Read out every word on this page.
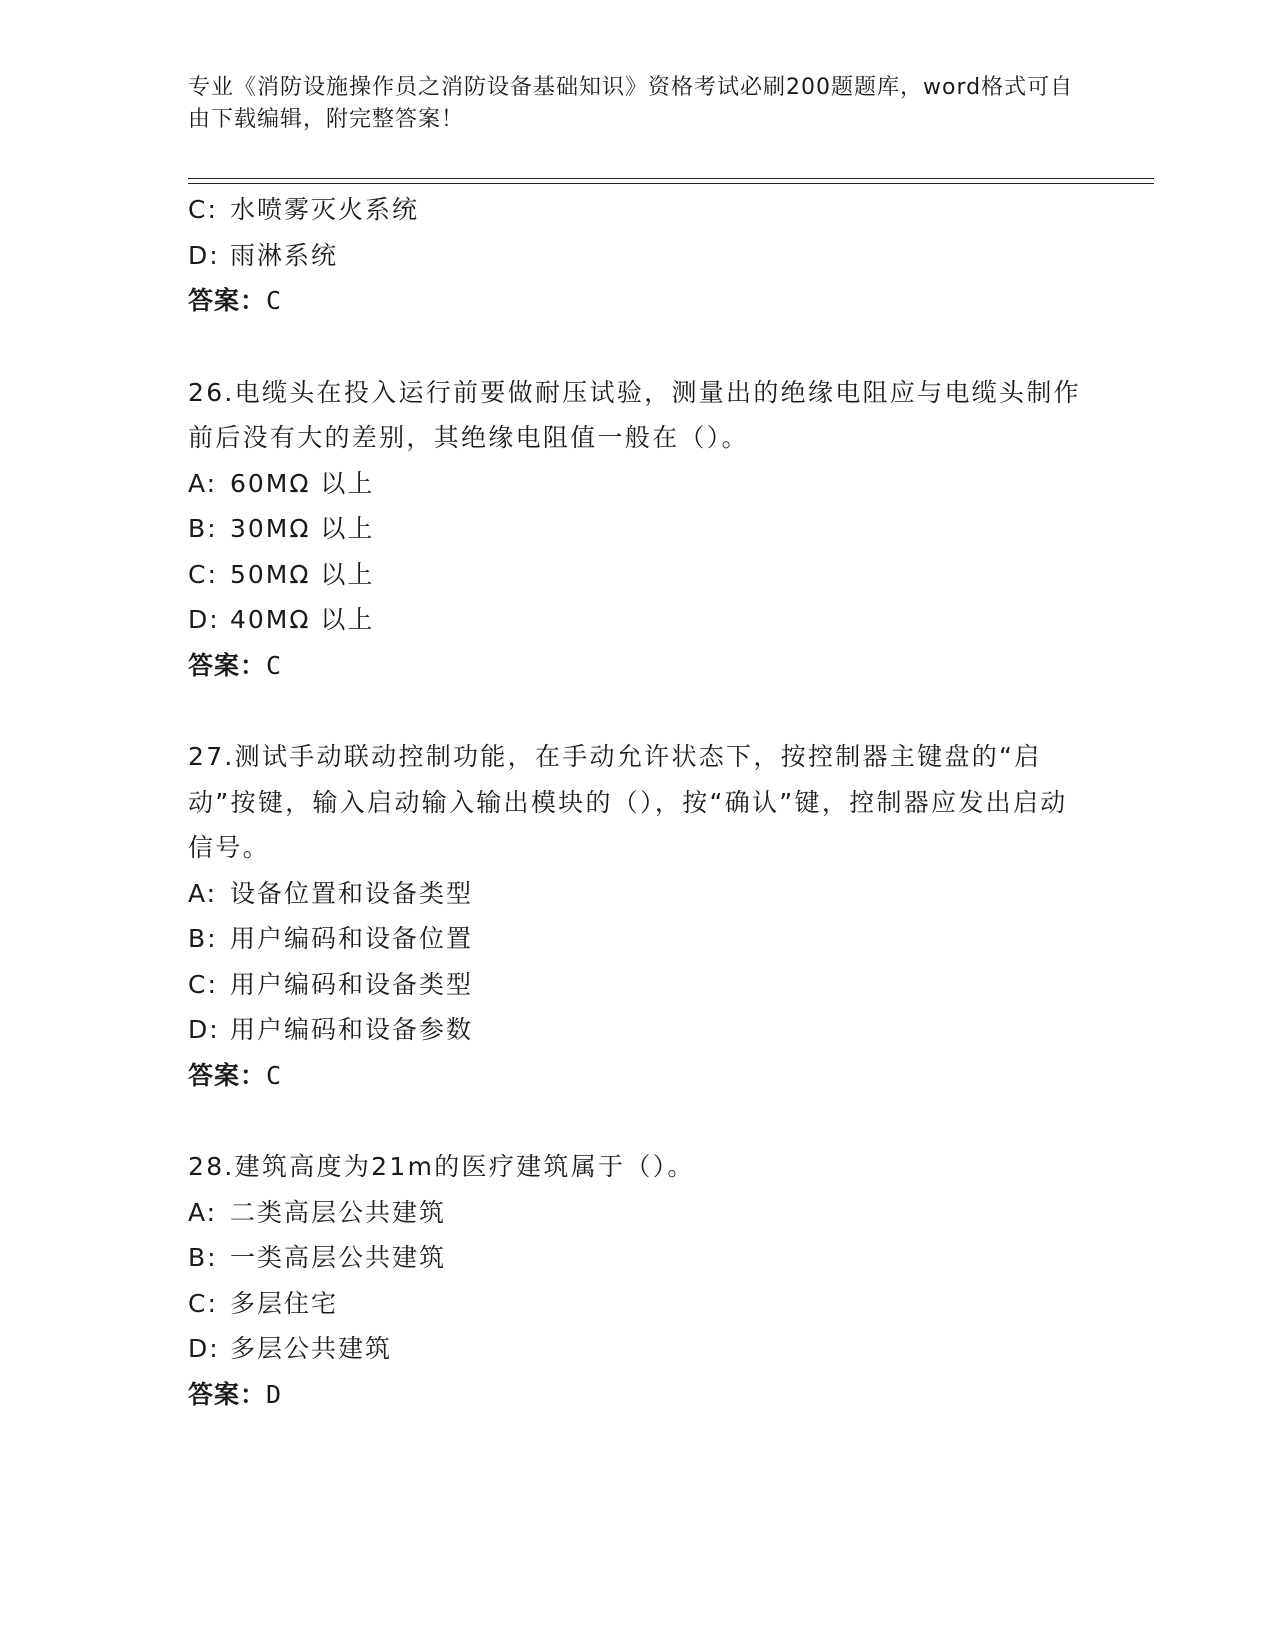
专业《消防设施操作员之消防设备基础知识》资格考试必刷200题题库，word格式可自由下载编辑，附完整答案！
C: 水喷雾灭火系统
D: 雨淋系统
答案：C
26.电缆头在投入运行前要做耐压试验，测量出的绝缘电阻应与电缆头制作前后没有大的差别，其绝缘电阻值一般在（）。
A: 60MΩ 以上
B: 30MΩ 以上
C: 50MΩ 以上
D: 40MΩ 以上
答案：C
27.测试手动联动控制功能，在手动允许状态下，按控制器主键盘的“启动”按键，输入启动输入输出模块的（），按“确认”键，控制器应发出启动信号。
A: 设备位置和设备类型
B: 用户编码和设备位置
C: 用户编码和设备类型
D: 用户编码和设备参数
答案：C
28.建筑高度为21m的医疗建筑属于（）。
A: 二类高层公共建筑
B: 一类高层公共建筑
C: 多层住宅
D: 多层公共建筑
答案：D
